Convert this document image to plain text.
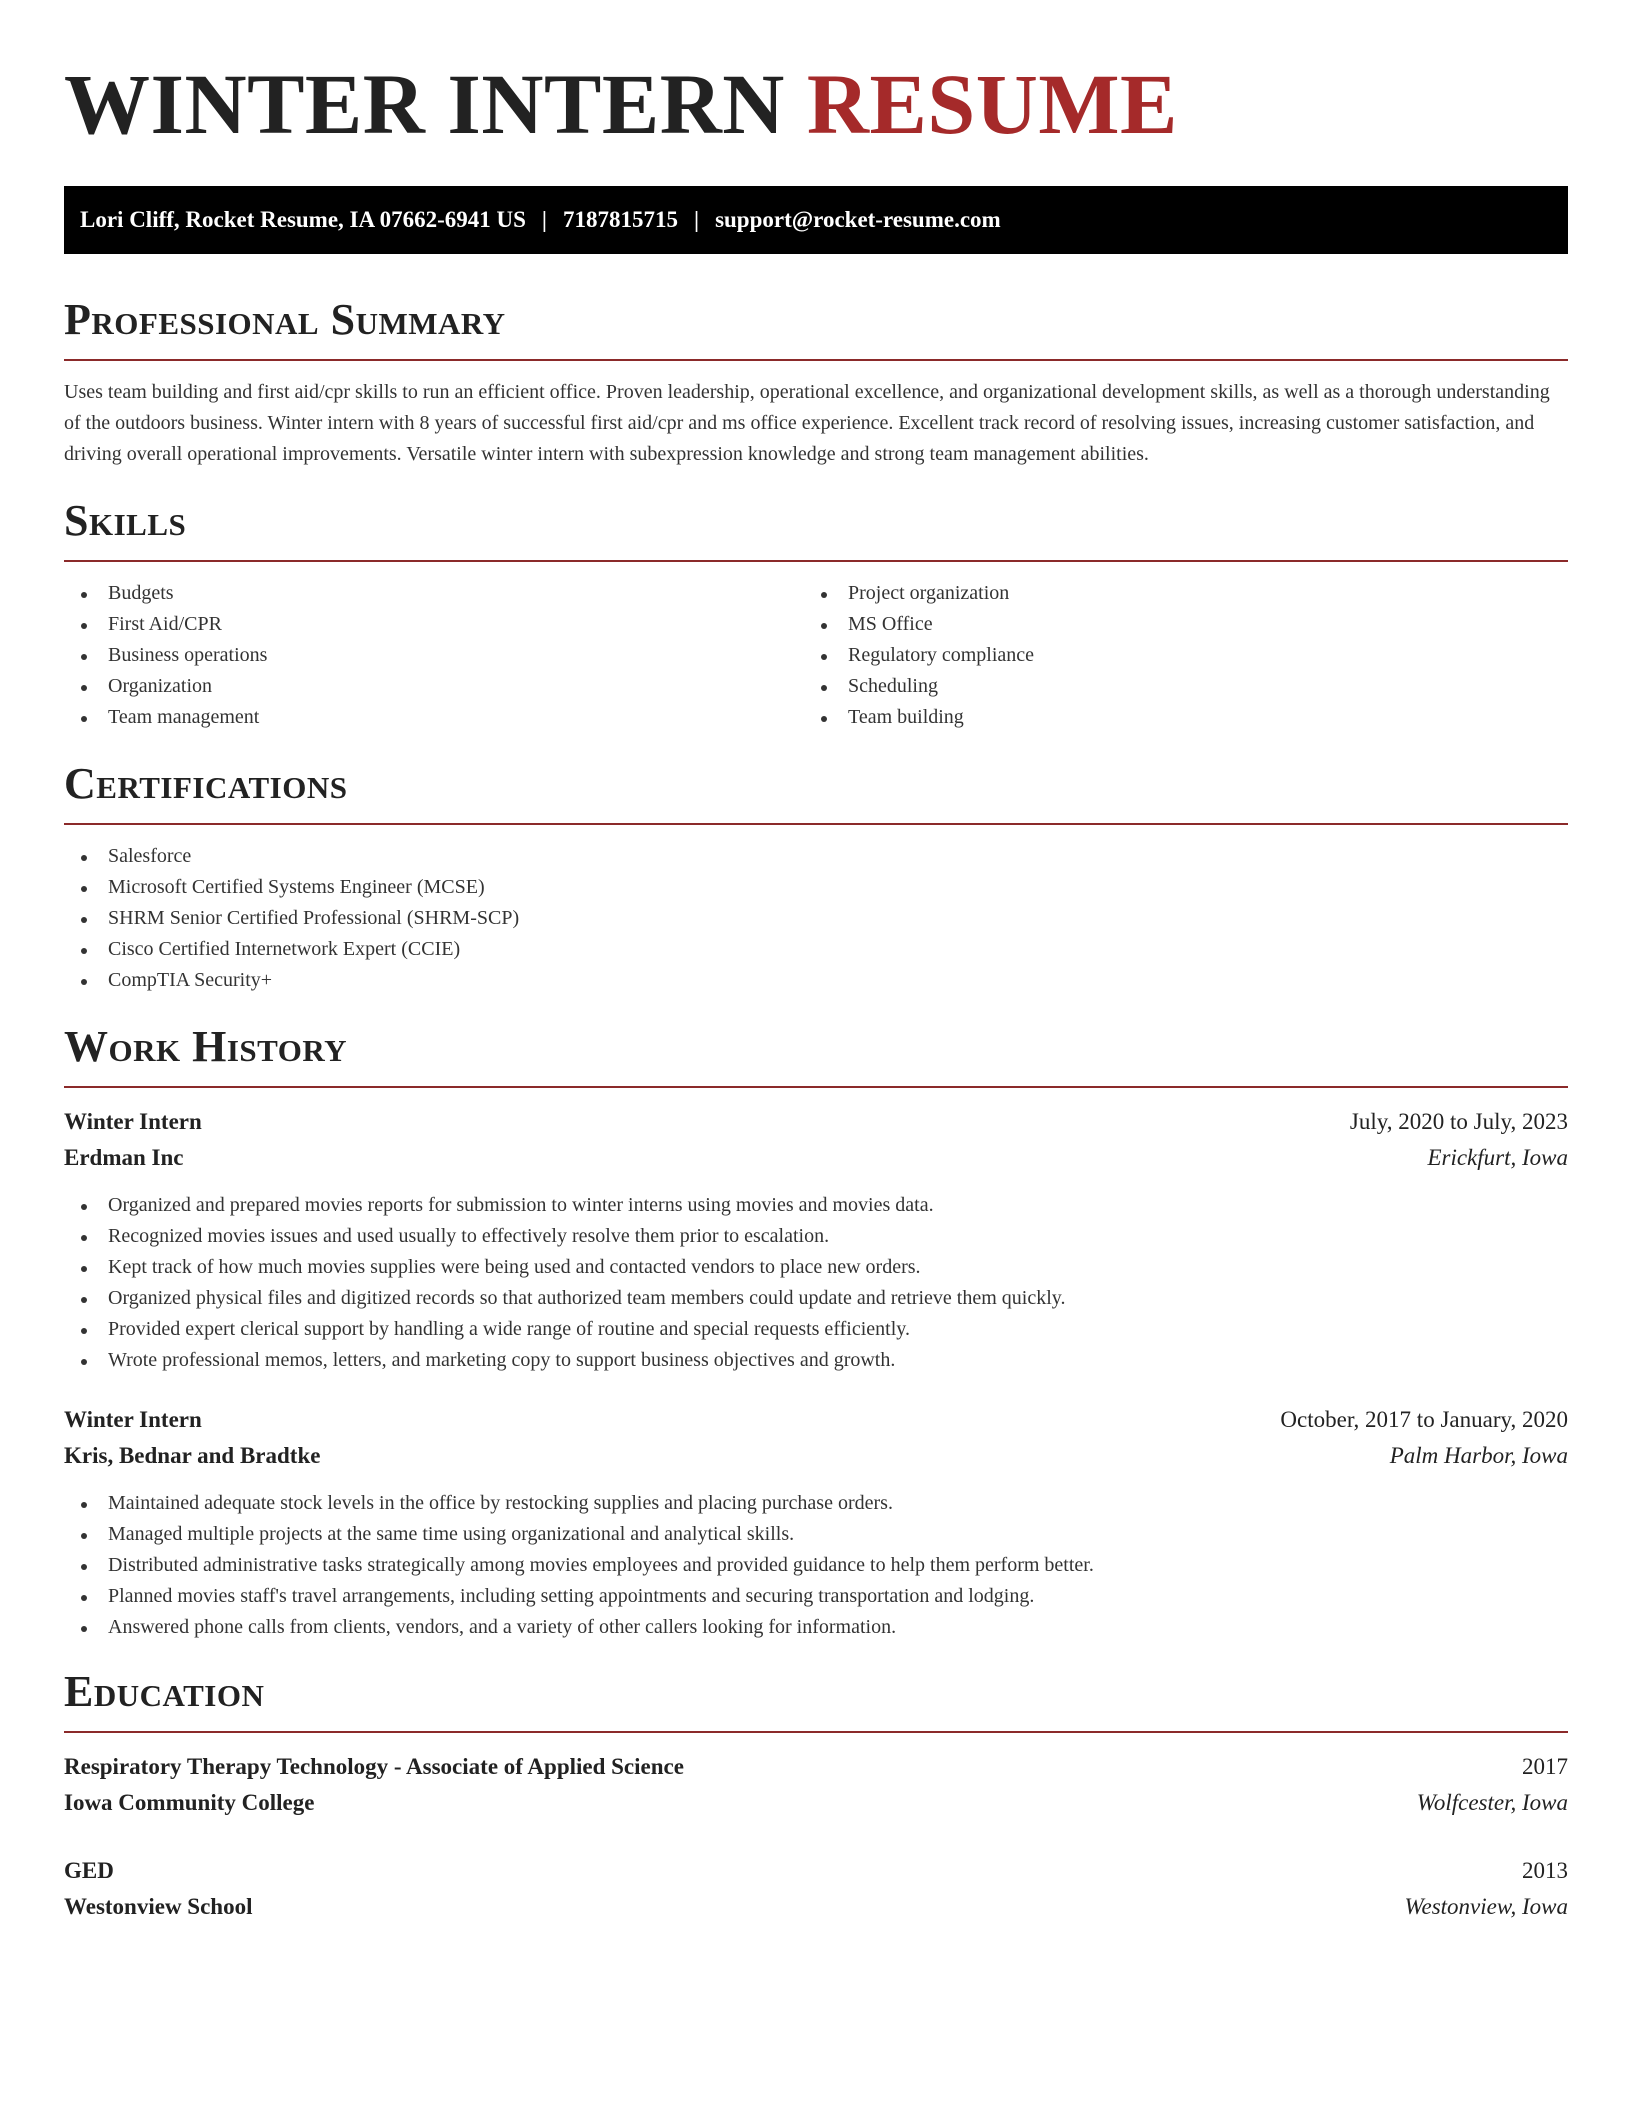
WINTER INTERN RESUME
Lori Cliff, Rocket Resume, IA 07662-6941 US | 7187815715 | support@rocket-resume.com
Professional Summary

Uses team building and first aid/cpr skills to run an efficient office. Proven leadership, operational excellence, and organizational development skills, as well as a thorough understanding of the outdoors business. Winter intern with 8 years of successful first aid/cpr and ms office experience. Excellent track record of resolving issues, increasing customer satisfaction, and driving overall operational improvements. Versatile winter intern with subexpression knowledge and strong team management abilities.

Skills
Budgets
First Aid/CPR
Business operations
Organization
Team management
Project organization
MS Office
Regulatory compliance
Scheduling
Team building
Certifications
Salesforce
Microsoft Certified Systems Engineer (MCSE)
SHRM Senior Certified Professional (SHRM-SCP)
Cisco Certified Internetwork Expert (CCIE)
CompTIA Security+
Work History
Winter Intern	July, 2020 to July, 2023
Erdman Inc	Erickfurt, Iowa
Organized and prepared movies reports for submission to winter interns using movies and movies data.
Recognized movies issues and used usually to effectively resolve them prior to escalation.
Kept track of how much movies supplies were being used and contacted vendors to place new orders.
Organized physical files and digitized records so that authorized team members could update and retrieve them quickly.
Provided expert clerical support by handling a wide range of routine and special requests efficiently.
Wrote professional memos, letters, and marketing copy to support business objectives and growth.
Winter Intern	October, 2017 to January, 2020
Kris, Bednar and Bradtke	Palm Harbor, Iowa
Maintained adequate stock levels in the office by restocking supplies and placing purchase orders.
Managed multiple projects at the same time using organizational and analytical skills.
Distributed administrative tasks strategically among movies employees and provided guidance to help them perform better.
Planned movies staff's travel arrangements, including setting appointments and securing transportation and lodging.
Answered phone calls from clients, vendors, and a variety of other callers looking for information.
Education
Respiratory Therapy Technology - Associate of Applied Science	2017
Iowa Community College	Wolfcester, Iowa
GED	2013
Westonview School	Westonview, Iowa
